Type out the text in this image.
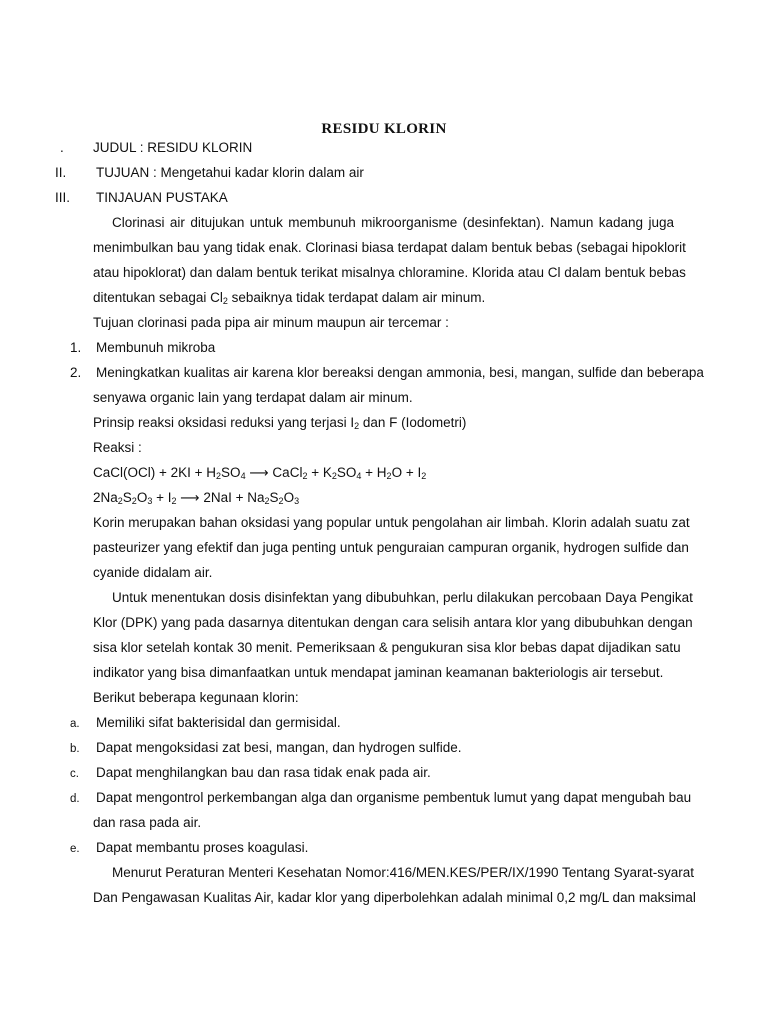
RESIDU KLORIN
. JUDUL : RESIDU KLORIN
II. TUJUAN : Mengetahui kadar klorin dalam air
III. TINJAUAN PUSTAKA
Clorinasi air ditujukan untuk membunuh mikroorganisme (desinfektan). Namun kadang juga
menimbulkan bau yang tidak enak. Clorinasi biasa terdapat dalam bentuk bebas (sebagai hipoklorit
atau hipoklorat) dan dalam bentuk terikat misalnya chloramine. Klorida atau Cl dalam bentuk bebas
ditentukan sebagai $Cl_2$ sebaiknya tidak terdapat dalam air minum.
Tujuan clorinasi pada pipa air minum maupun air tercemar :
1. Membunuh mikroba
2. Meningkatkan kualitas air karena klor bereaksi dengan ammonia, besi, mangan, sulfide dan beberapa
senyawa organic lain yang terdapat dalam air minum.
Prinsip reaksi oksidasi reduksi yang terjasi $I_2$ dan F (Iodometri)
Reaksi :
CaCl(OCl) + $2KI + H_2SO_4$ ⟶ CaCl$_2$ + $K_2SO_4 + H_2O + I_2$
$2Na_2S_2O_3 + I_2$ ⟶ $2NaI + Na_2S_2O_3$
Korin merupakan bahan oksidasi yang popular untuk pengolahan air limbah. Klorin adalah suatu zat
pasteurizer yang efektif dan juga penting untuk penguraian campuran organik, hydrogen sulfide dan
cyanide didalam air.
Untuk menentukan dosis disinfektan yang dibubuhkan, perlu dilakukan percobaan Daya Pengikat
Klor (DPK) yang pada dasarnya ditentukan dengan cara selisih antara klor yang dibubuhkan dengan
sisa klor setelah kontak 30 menit. Pemeriksaan & pengukuran sisa klor bebas dapat dijadikan satu
indikator yang bisa dimanfaatkan untuk mendapat jaminan keamanan bakteriologis air tersebut.
Berikut beberapa kegunaan klorin:
a. Memiliki sifat bakterisidal dan germisidal.
b. Dapat mengoksidasi zat besi, mangan, dan hydrogen sulfide.
c. Dapat menghilangkan bau dan rasa tidak enak pada air.
d. Dapat mengontrol perkembangan alga dan organisme pembentuk lumut yang dapat mengubah bau
dan rasa pada air.
e. Dapat membantu proses koagulasi.
Menurut Peraturan Menteri Kesehatan Nomor:416/MEN.KES/PER/IX/1990 Tentang Syarat-syarat
Dan Pengawasan Kualitas Air, kadar klor yang diperbolehkan adalah minimal 0,2 mg/L dan maksimal
